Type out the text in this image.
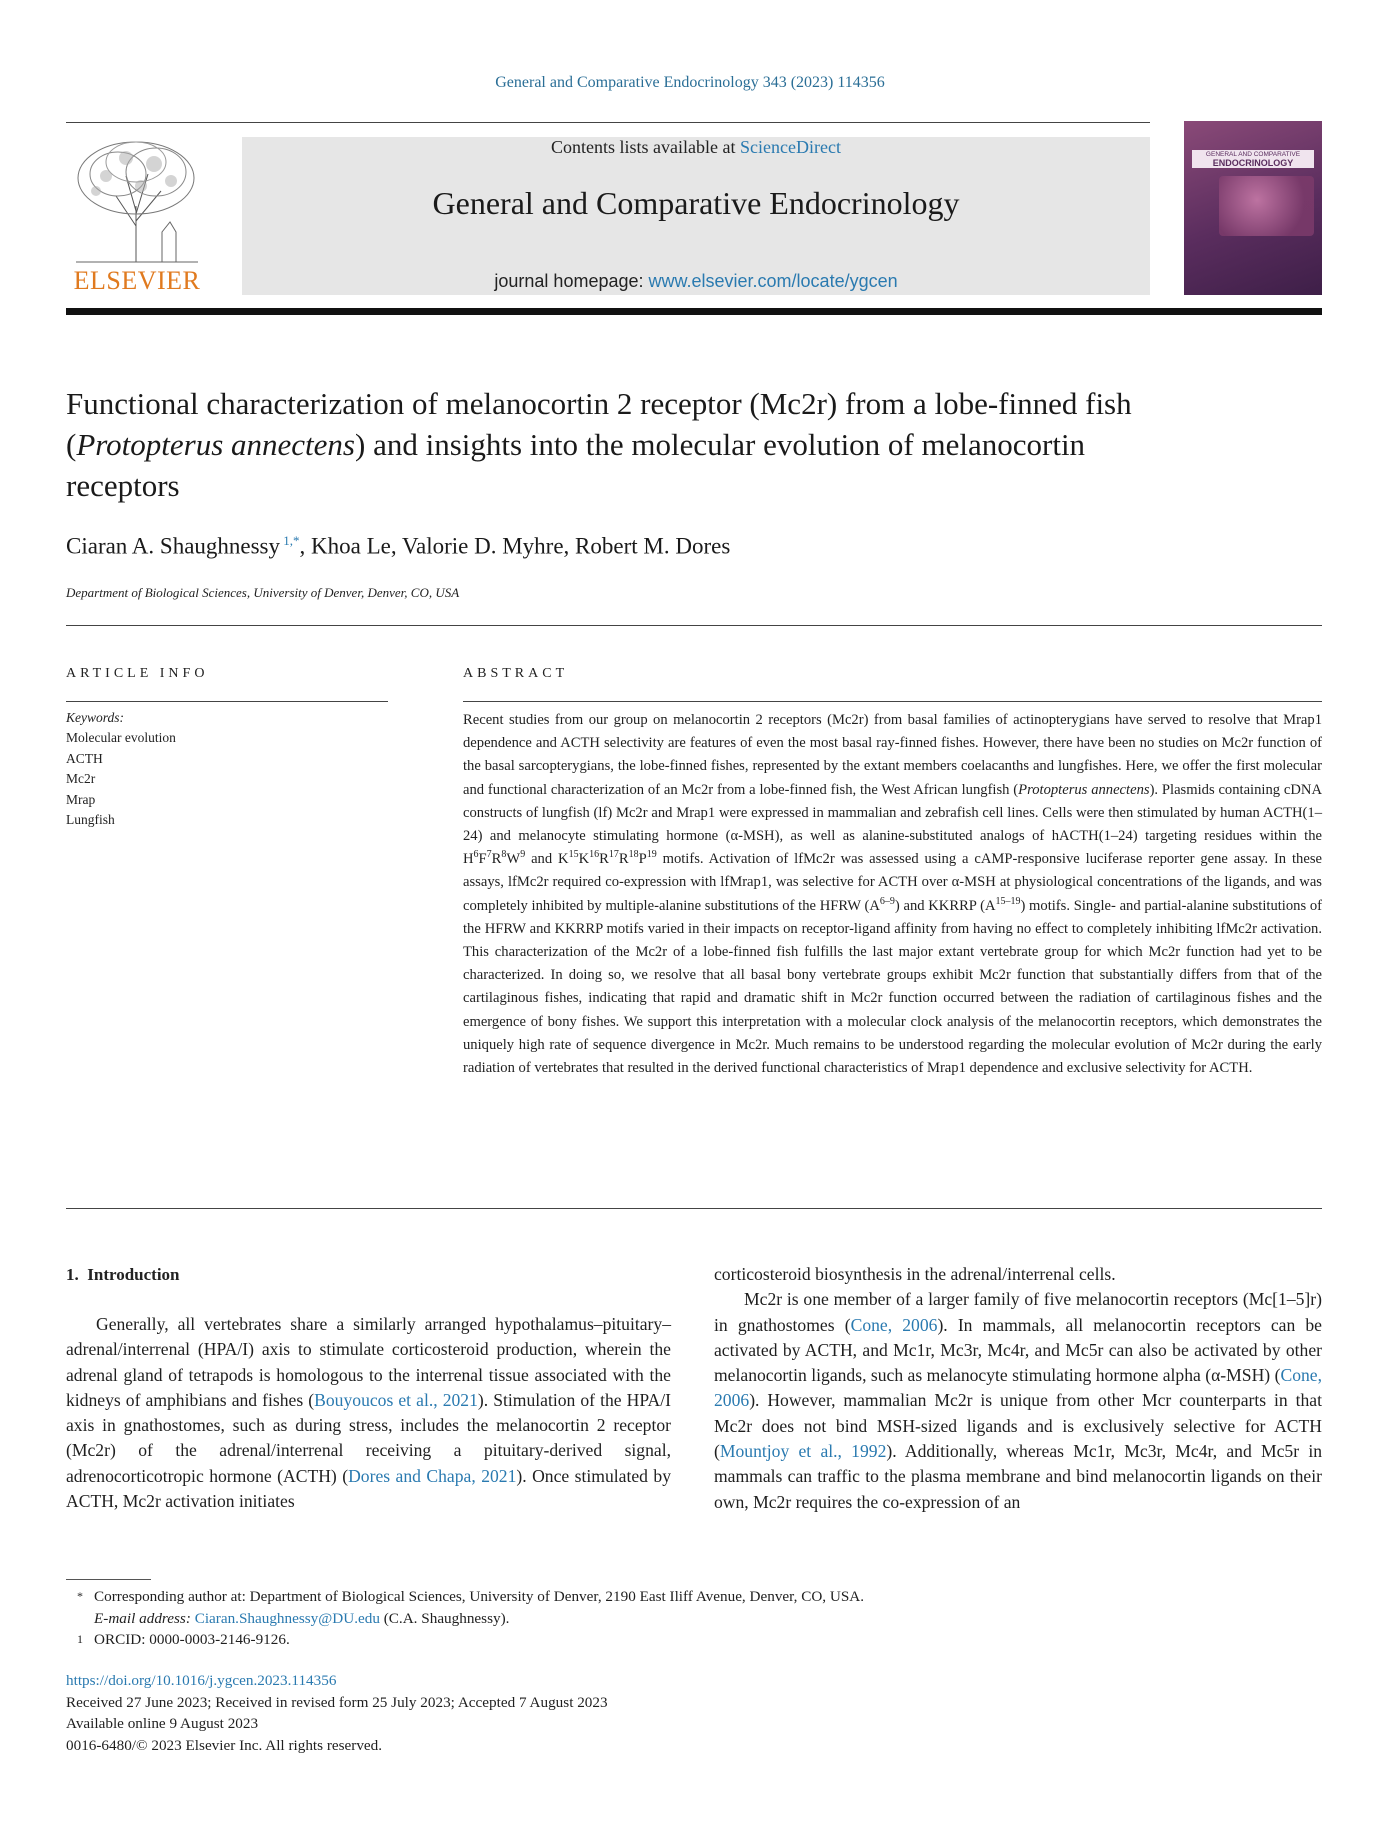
General and Comparative Endocrinology 343 (2023) 114356
ELSEVIER
Contents lists available at ScienceDirect
General and Comparative Endocrinology
journal homepage: www.elsevier.com/locate/ygcen
GENERAL AND COMPARATIVE
ENDOCRINOLOGY
Functional characterization of melanocortin 2 receptor (Mc2r) from a lobe-finned fish (Protopterus annectens) and insights into the molecular evolution of melanocortin receptors
Ciaran A. Shaughnessy $^{1,*}$, Khoa Le, Valorie D. Myhre, Robert M. Dores
Department of Biological Sciences, University of Denver, Denver, CO, USA
ARTICLE INFO
Keywords:
Molecular evolution
ACTH
Mc2r
Mrap
Lungfish
ABSTRACT
Recent studies from our group on melanocortin 2 receptors (Mc2r) from basal families of actinopterygians have served to resolve that Mrap1 dependence and ACTH selectivity are features of even the most basal ray-finned fishes. However, there have been no studies on Mc2r function of the basal sarcopterygians, the lobe-finned fishes, represented by the extant members coelacanths and lungfishes. Here, we offer the first molecular and functional characterization of an Mc2r from a lobe-finned fish, the West African lungfish (Protopterus annectens). Plasmids containing cDNA constructs of lungfish (lf) Mc2r and Mrap1 were expressed in mammalian and zebrafish cell lines. Cells were then stimulated by human ACTH(1–24) and melanocyte stimulating hormone (α-MSH), as well as alanine-substituted analogs of hACTH(1–24) targeting residues within the $H^6F^7R^8W^9$ and $K^{15}K^{16}R^{17}R^{18}P^{19}$ motifs. Activation of lfMc2r was assessed using a cAMP-responsive luciferase reporter gene assay. In these assays, lfMc2r required co-expression with lfMrap1, was selective for ACTH over α-MSH at physiological concentrations of the ligands, and was completely inhibited by multiple-alanine substitutions of the HFRW $(A^{6-9})$ and KKRRP $(A^{15-19})$ motifs. Single- and partial-alanine substitutions of the HFRW and KKRRP motifs varied in their impacts on receptor-ligand affinity from having no effect to completely inhibiting lfMc2r activation. This characterization of the Mc2r of a lobe-finned fish fulfills the last major extant vertebrate group for which Mc2r function had yet to be characterized. In doing so, we resolve that all basal bony vertebrate groups exhibit Mc2r function that substantially differs from that of the cartilaginous fishes, indicating that rapid and dramatic shift in Mc2r function occurred between the radiation of cartilaginous fishes and the emergence of bony fishes. We support this interpretation with a molecular clock analysis of the melanocortin receptors, which demonstrates the uniquely high rate of sequence divergence in Mc2r. Much remains to be understood regarding the molecular evolution of Mc2r during the early radiation of vertebrates that resulted in the derived functional characteristics of Mrap1 dependence and exclusive selectivity for ACTH.
1. Introduction

Generally, all vertebrates share a similarly arranged hypothalamus–pituitary–adrenal/interrenal (HPA/I) axis to stimulate corticosteroid production, wherein the adrenal gland of tetrapods is homologous to the interrenal tissue associated with the kidneys of amphibians and fishes (Bouyoucos et al., 2021). Stimulation of the HPA/I axis in gnathostomes, such as during stress, includes the melanocortin 2 receptor (Mc2r) of the adrenal/interrenal receiving a pituitary-derived signal, adrenocorticotropic hormone (ACTH) (Dores and Chapa, 2021). Once stimulated by ACTH, Mc2r activation initiates

corticosteroid biosynthesis in the adrenal/interrenal cells.

Mc2r is one member of a larger family of five melanocortin receptors (Mc[1–5]r) in gnathostomes (Cone, 2006). In mammals, all melanocortin receptors can be activated by ACTH, and Mc1r, Mc3r, Mc4r, and Mc5r can also be activated by other melanocortin ligands, such as melanocyte stimulating hormone alpha (α-MSH) (Cone, 2006). However, mammalian Mc2r is unique from other Mcr counterparts in that Mc2r does not bind MSH-sized ligands and is exclusively selective for ACTH (Mountjoy et al., 1992). Additionally, whereas Mc1r, Mc3r, Mc4r, and Mc5r in mammals can traffic to the plasma membrane and bind melanocortin ligands on their own, Mc2r requires the co-expression of an

* Corresponding author at: Department of Biological Sciences, University of Denver, 2190 East Iliff Avenue, Denver, CO, USA.
E-mail address: Ciaran.Shaughnessy@DU.edu (C.A. Shaughnessy).
1 ORCID: 0000-0003-2146-9126.
https://doi.org/10.1016/j.ygcen.2023.114356
Received 27 June 2023; Received in revised form 25 July 2023; Accepted 7 August 2023
Available online 9 August 2023
0016-6480/© 2023 Elsevier Inc. All rights reserved.
